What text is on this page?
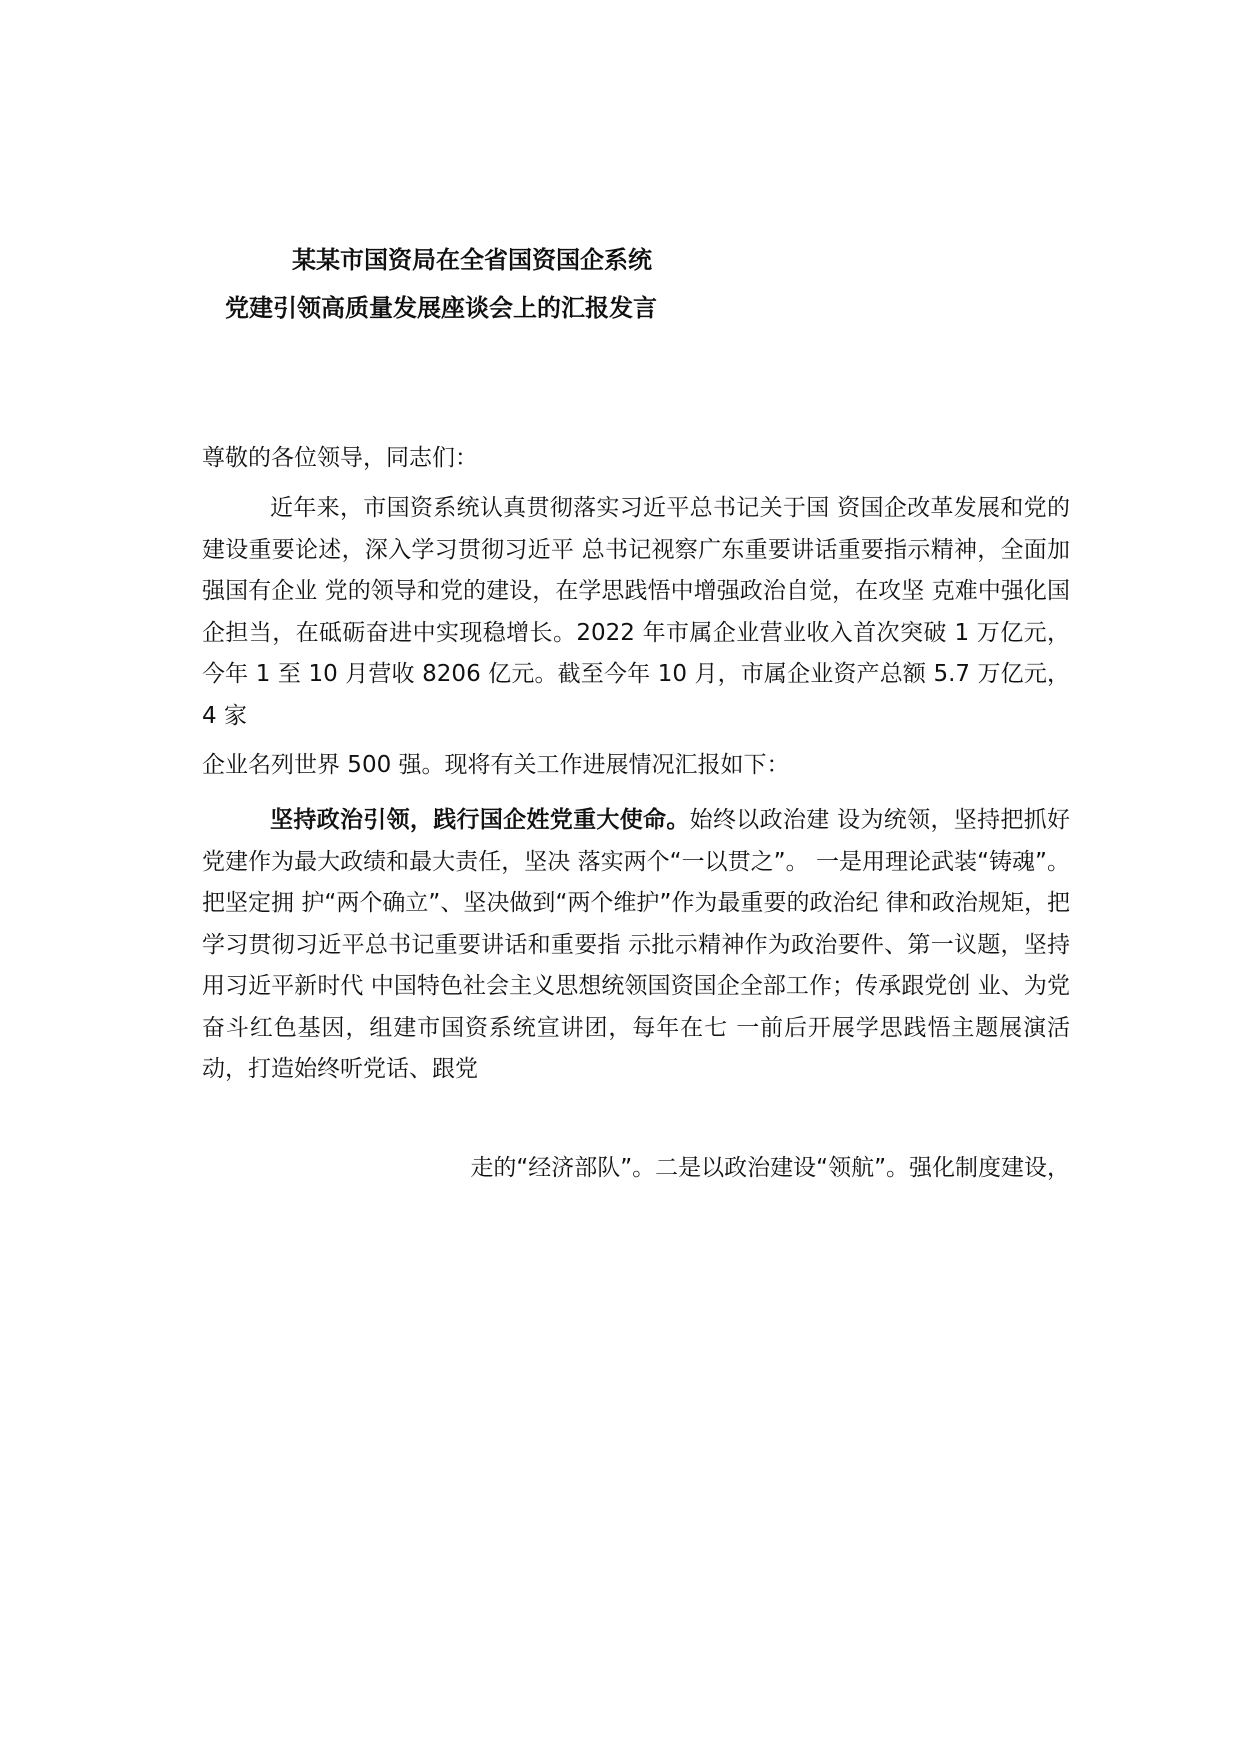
某某市国资局在全省国资国企系统
党建引领高质量发展座谈会上的汇报发言
尊敬的各位领导，同志们：

近年来，市国资系统认真贯彻落实习近平总书记关于国 资国企改革发展和党的建设重要论述，深入学习贯彻习近平 总书记视察广东重要讲话重要指示精神，全面加强国有企业 党的领导和党的建设，在学思践悟中增强政治自觉，在攻坚 克难中强化国企担当，在砥砺奋进中实现稳增长。2022 年市属企业营业收入首次突破 1 万亿元，今年 1 至 10 月营收 8206 亿元。截至今年 10 月，市属企业资产总额 5.7 万亿元，4 家

企业名列世界 500 强。现将有关工作进展情况汇报如下：

坚持政治引领，践行国企姓党重大使命。始终以政治建 设为统领，坚持把抓好党建作为最大政绩和最大责任，坚决 落实两个“一以贯之”。 一是用理论武装“铸魂”。把坚定拥 护“两个确立”、坚决做到“两个维护”作为最重要的政治纪 律和政治规矩，把学习贯彻习近平总书记重要讲话和重要指 示批示精神作为政治要件、第一议题，坚持用习近平新时代 中国特色社会主义思想统领国资国企全部工作；传承跟党创 业、为党奋斗红色基因，组建市国资系统宣讲团，每年在七 一前后开展学思践悟主题展演活动，打造始终听党话、跟党

走的“经济部队”。二是以政治建设“领航”。强化制度建设，
